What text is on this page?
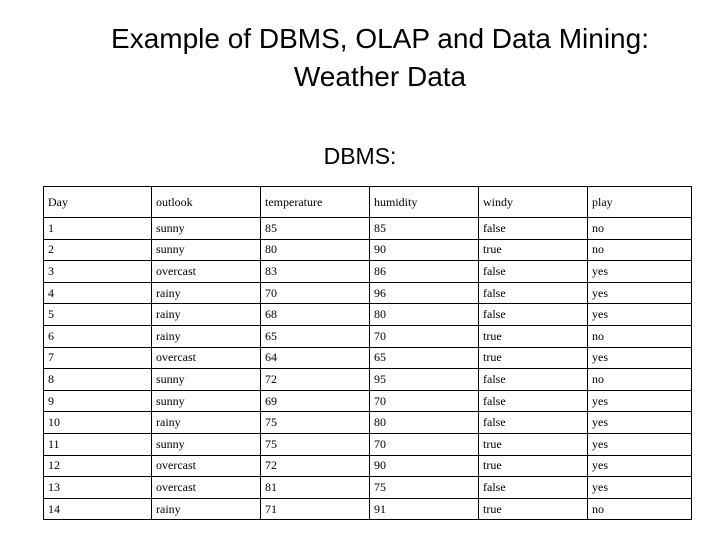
Example of DBMS, OLAP and Data Mining:
Weather Data
DBMS:
Day	outlook	temperature	humidity	windy	play
1	sunny	85	85	false	no
2	sunny	80	90	true	no
3	overcast	83	86	false	yes
4	rainy	70	96	false	yes
5	rainy	68	80	false	yes
6	rainy	65	70	true	no
7	overcast	64	65	true	yes
8	sunny	72	95	false	no
9	sunny	69	70	false	yes
10	rainy	75	80	false	yes
11	sunny	75	70	true	yes
12	overcast	72	90	true	yes
13	overcast	81	75	false	yes
14	rainy	71	91	true	no
